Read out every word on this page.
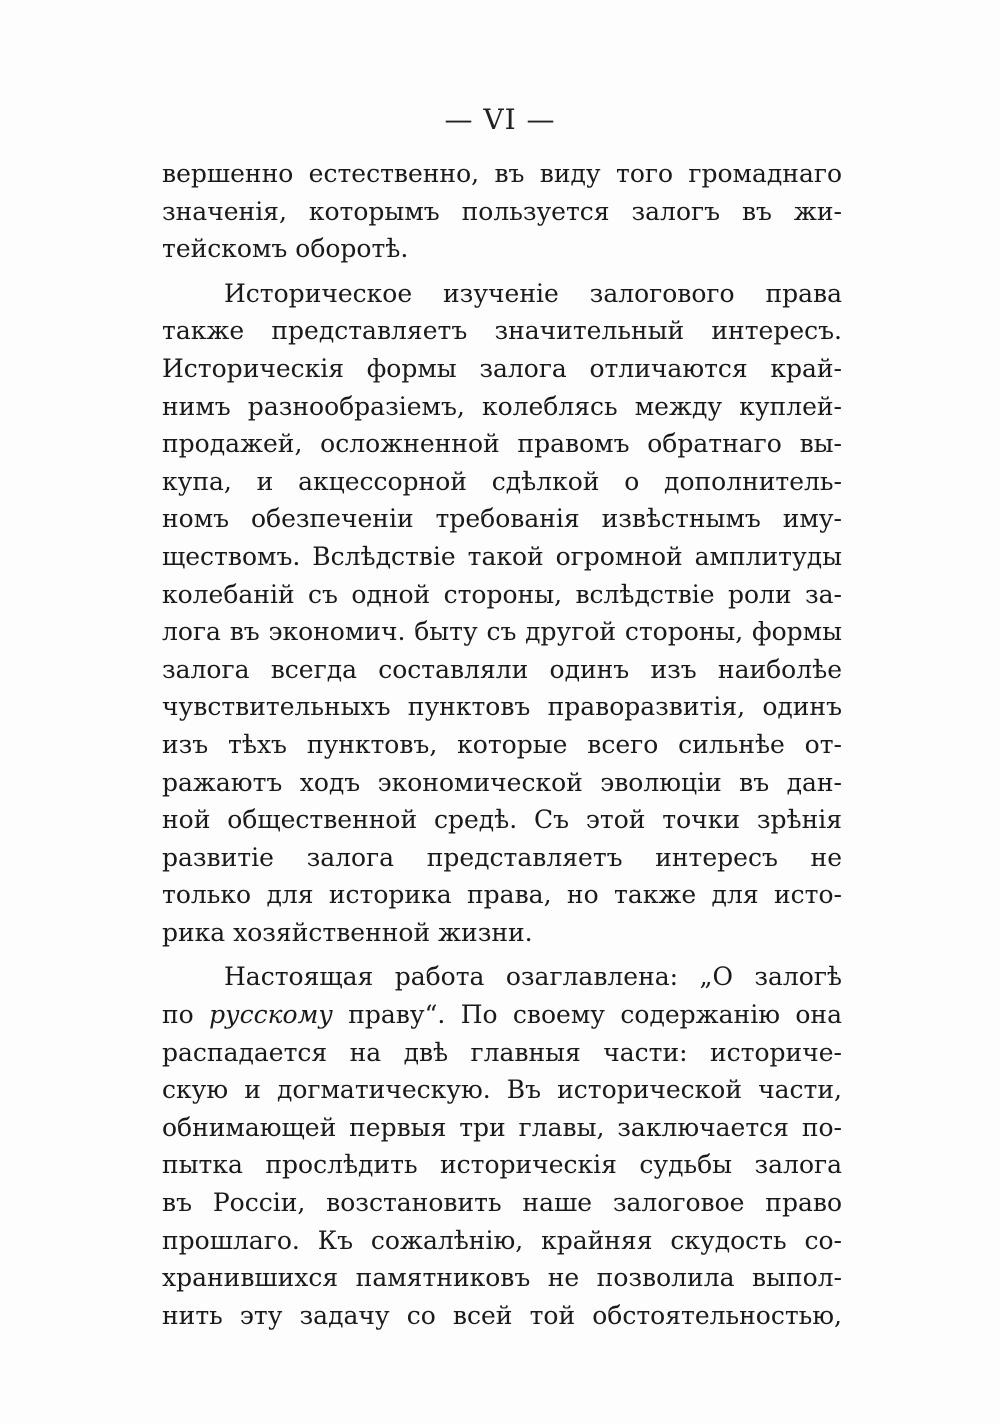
— VI —

вершенно естественно, въ виду того громаднаго
значенія, которымъ пользуется залогъ въ жи-
тейскомъ оборотѣ.

Историческое изученіе залогового права
также представляетъ значительный интересъ.
Историческія формы залога отличаются край-
нимъ разнообразіемъ, колеблясь между куплей-
продажей, осложненной правомъ обратнаго вы-
купа, и акцессорной сдѣлкой о дополнитель-
номъ обезпеченіи требованія извѣстнымъ иму-
ществомъ. Вслѣдствіе такой огромной амплитуды
колебаній съ одной стороны, вслѣдствіе роли за-
лога въ экономич. быту съ другой стороны, формы
залога всегда составляли одинъ изъ наиболѣе
чувствительныхъ пунктовъ праворазвитія, одинъ
изъ тѣхъ пунктовъ, которые всего сильнѣе от-
ражаютъ ходъ экономической эволюціи въ дан-
ной общественной средѣ. Съ этой точки зрѣнія
развитіе залога представляетъ интересъ не
только для историка права, но также для исто-
рика хозяйственной жизни.

Настоящая работа озаглавлена: „О залогѣ
по русскому праву“. По своему содержанію она
распадается на двѣ главныя части: историче-
скую и догматическую. Въ исторической части,
обнимающей первыя три главы, заключается по-
пытка прослѣдить историческія судьбы залога
въ Россіи, возстановить наше залоговое право
прошлаго. Къ сожалѣнію, крайняя скудость со-
хранившихся памятниковъ не позволила выпол-
нить эту задачу со всей той обстоятельностью,
